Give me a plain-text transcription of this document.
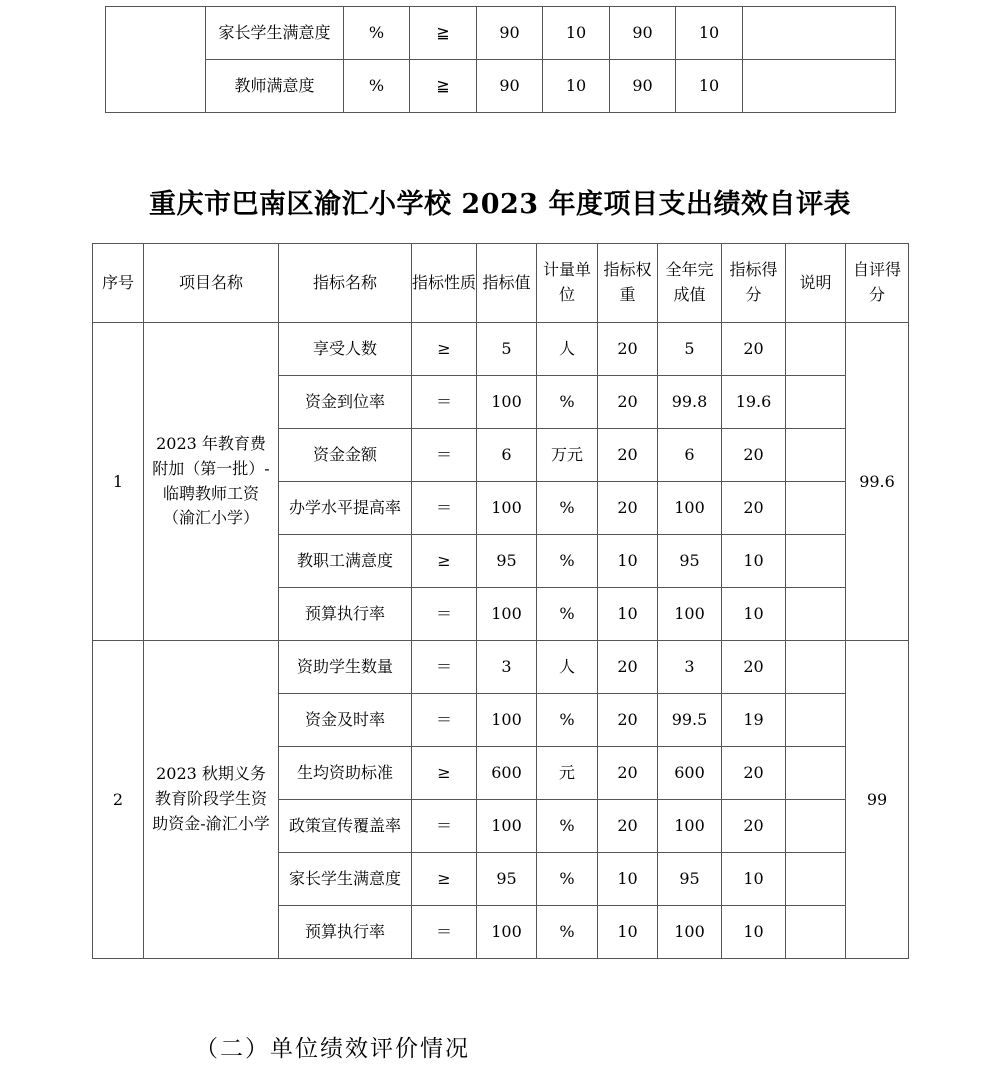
	家长学生满意度	%	≧	90	10	90	10	
	教师满意度	%	≧	90	10	90	10	
重庆市巴南区渝汇小学校 2023 年度项目支出绩效自评表
序号	项目名称	指标名称	指标性质	指标值	计量单位	指标权重	全年完成值	指标得分	说明	自评得分
1	2023 年教育费附加（第一批）-临聘教师工资（渝汇小学）	享受人数	≥	5	人	20	5	20		99.6
		资金到位率	＝	100	%	20	99.8	19.6		
		资金金额	＝	6	万元	20	6	20		
		办学水平提高率	＝	100	%	20	100	20		
		教职工满意度	≥	95	%	10	95	10		
		预算执行率	＝	100	%	10	100	10		
2	2023 秋期义务教育阶段学生资助资金-渝汇小学	资助学生数量	＝	3	人	20	3	20		99
		资金及时率	＝	100	%	20	99.5	19		
		生均资助标准	≥	600	元	20	600	20		
		政策宣传覆盖率	＝	100	%	20	100	20		
		家长学生满意度	≥	95	%	10	95	10		
		预算执行率	＝	100	%	10	100	10		
（二）单位绩效评价情况
